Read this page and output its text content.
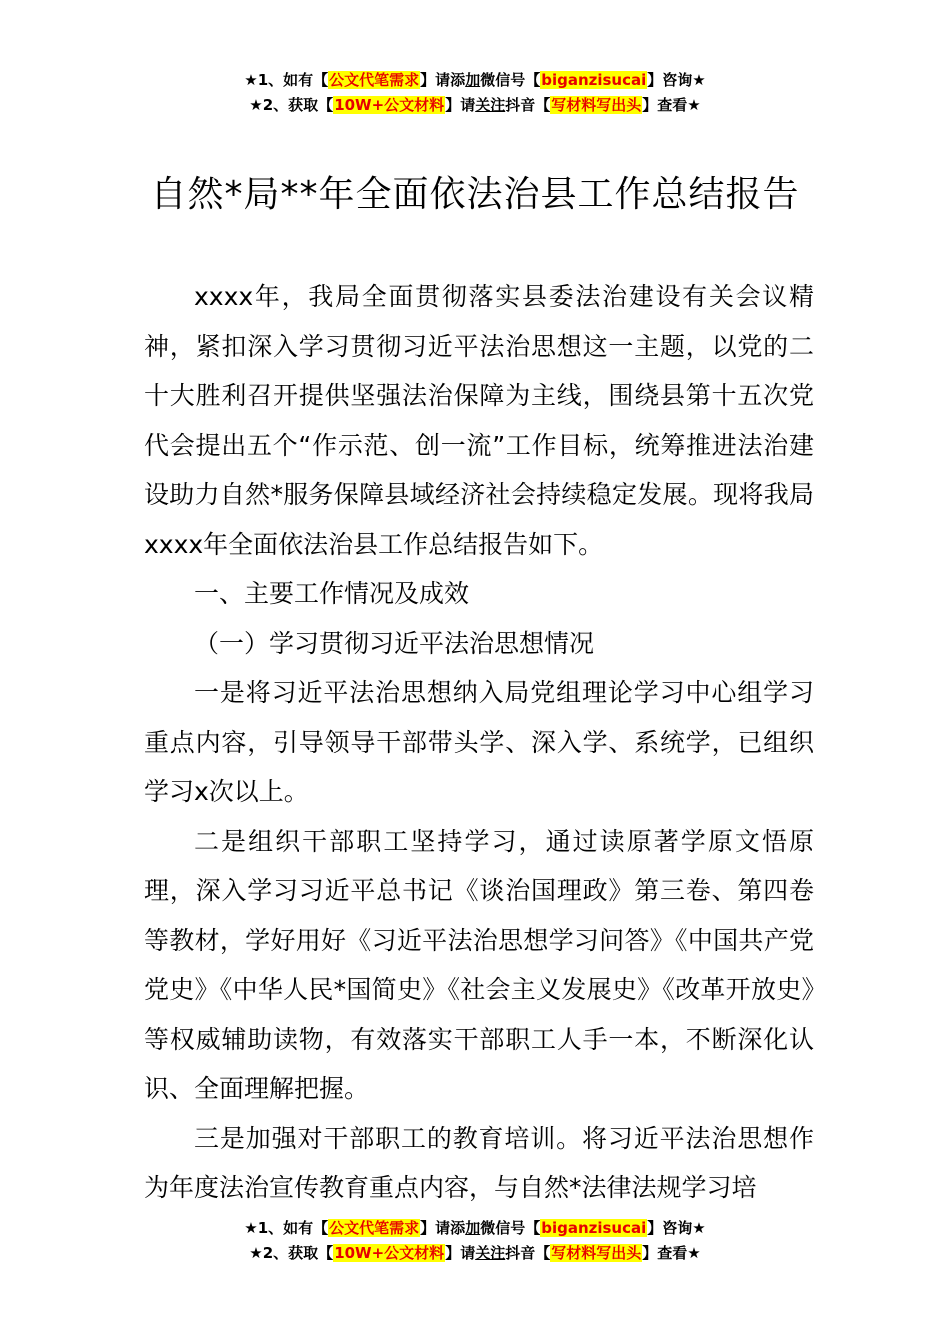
★1、如有【公文代笔需求】请添加微信号【biganzisucai】咨询★
★2、获取【10W+公文材料】请关注抖音【写材料写出头】查看★
自然*局**年全面依法治县工作总结报告

xxxx年，我局全面贯彻落实县委法治建设有关会议精神，紧扣深入学习贯彻习近平法治思想这一主题，以党的二十大胜利召开提供坚强法治保障为主线，围绕县第十五次党代会提出五个“作示范、创一流”工作目标，统筹推进法治建设助力自然*服务保障县域经济社会持续稳定发展。现将我局xxxx年全面依法治县工作总结报告如下。

一、主要工作情况及成效

（一）学习贯彻习近平法治思想情况

一是将习近平法治思想纳入局党组理论学习中心组学习重点内容，引导领导干部带头学、深入学、系统学，已组织学习x次以上。

二是组织干部职工坚持学习，通过读原著学原文悟原理，深入学习习近平总书记《谈治国理政》第三卷、第四卷等教材，学好用好《习近平法治思想学习问答》《中国共产党党史》《中华人民*国简史》《社会主义发展史》《改革开放史》等权威辅助读物，有效落实干部职工人手一本，不断深化认识、全面理解把握。

三是加强对干部职工的教育培训。将习近平法治思想作为年度法治宣传教育重点内容，与自然*法律法规学习培

★1、如有【公文代笔需求】请添加微信号【biganzisucai】咨询★
★2、获取【10W+公文材料】请关注抖音【写材料写出头】查看★
